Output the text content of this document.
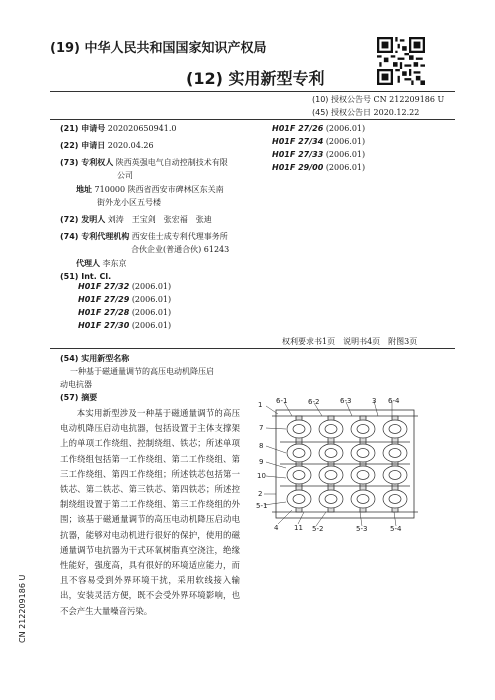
(19) 中华人民共和国国家知识产权局
(12) 实用新型专利
(10) 授权公告号 CN 212209186 U
(45) 授权公告日 2020.12.22
(21) 申请号 202020650941.0
(22) 申请日 2020.04.26
(73) 专利权人 陕西英强电气自动控制技术有限
公司
地址 710000 陕西省西安市碑林区东关南
街外龙小区五号楼
(72) 发明人 刘涛　王宝剑　张宏福　张迪
(74) 专利代理机构 西安佳士成专利代理事务所
合伙企业(普通合伙) 61243
代理人 李东京
(51) Int. Cl.
H01F 27/32 (2006.01)
H01F 27/29 (2006.01)
H01F 27/28 (2006.01)
H01F 27/30 (2006.01)
H01F 27/26 (2006.01)
H01F 27/34 (2006.01)
H01F 27/33 (2006.01)
H01F 29/00 (2006.01)
权利要求书1页　说明书4页　附图3页
(54) 实用新型名称
一种基于磁通量调节的高压电动机降压启
动电抗器
(57) 摘要
本实用新型涉及一种基于磁通量调节的高压电动机降压启动电抗器，包括设置于主体支撑架上的单项工作绕组、控制绕组、铁芯；所述单项工作绕组包括第一工作绕组、第二工作绕组、第三工作绕组、第四工作绕组；所述铁芯包括第一铁芯、第二铁芯、第三铁芯、第四铁芯；所述控制绕组设置于第二工作绕组、第三工作绕组的外围；该基于磁通量调节的高压电动机降压启动电抗器，能够对电动机进行很好的保护，使用的磁通量调节电抗器为干式环氧树脂真空浇注，绝缘性能好，强度高，具有很好的环境适应能力，而且不容易受到外界环境干扰，采用软线接入输出，安装灵活方便，既不会受外界环境影响，也不会产生大量噪音污染。
CN 212209186 U
1 6-1	6-2	6-3	3 6-4
7
8
9
10
2
5-1
4 11 5-2	5-3	5-4
